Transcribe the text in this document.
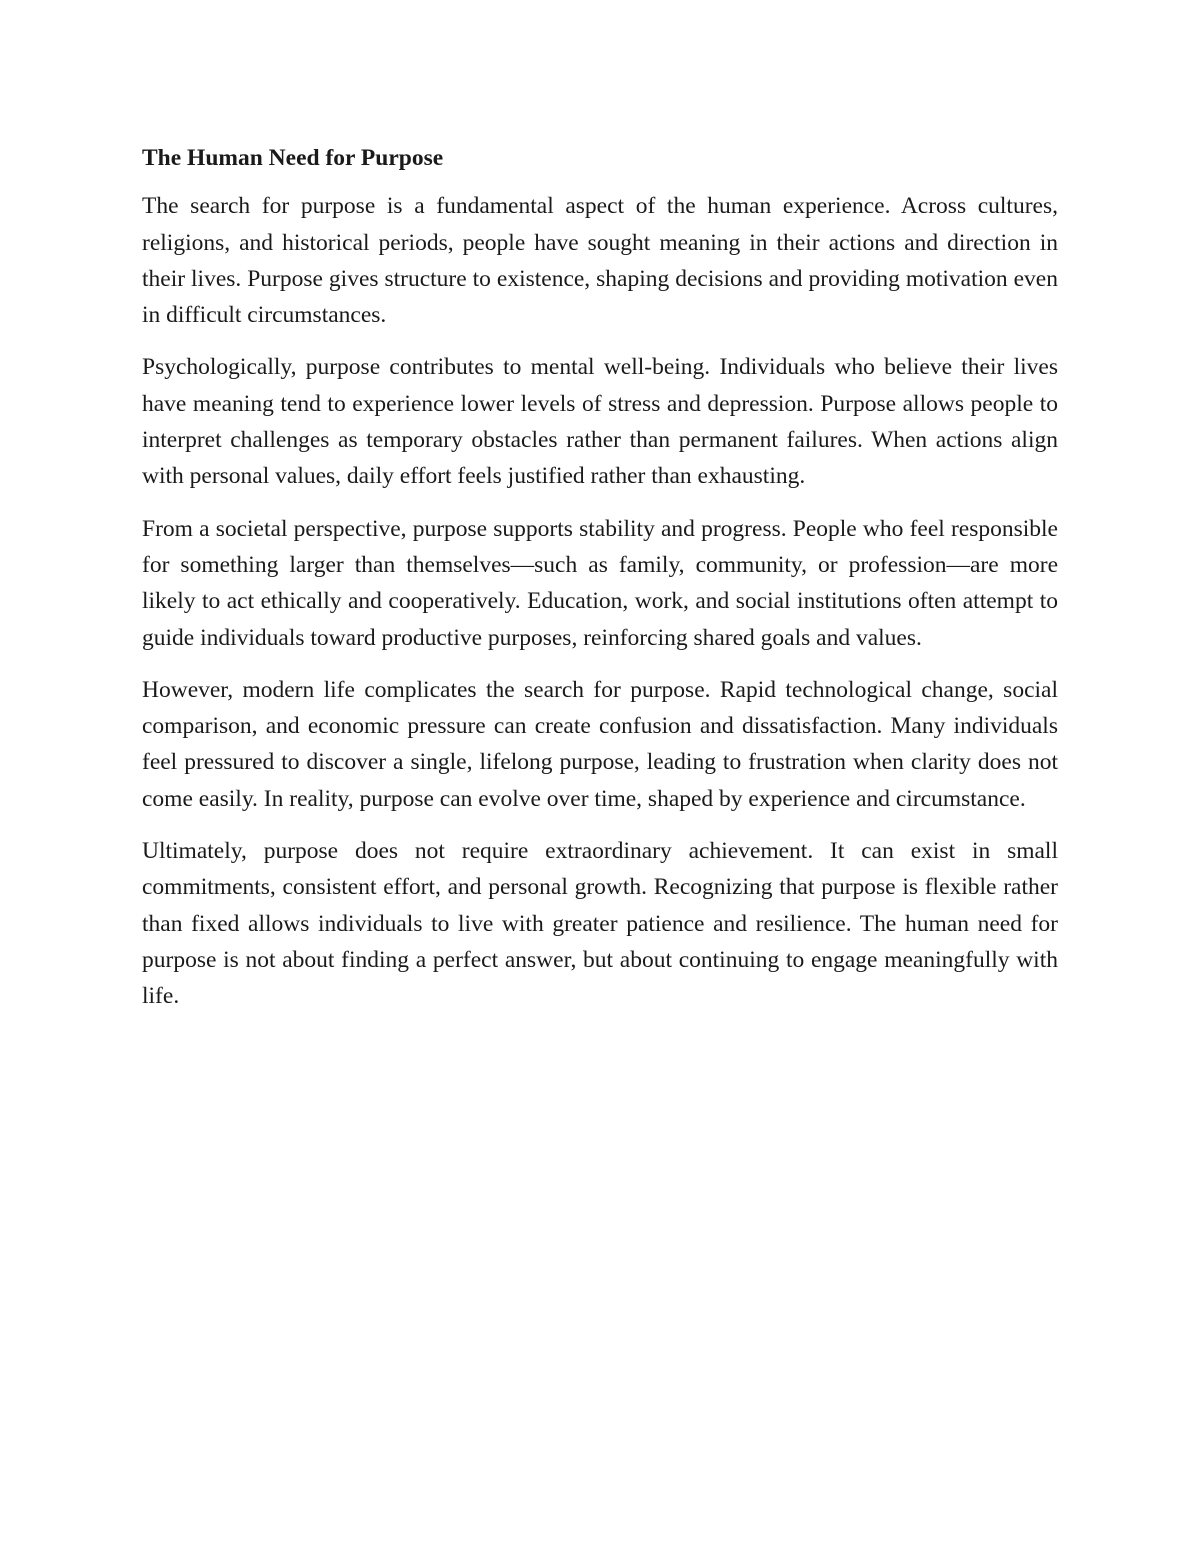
The Human Need for Purpose

The search for purpose is a fundamental aspect of the human experience. Across cultures, religions, and historical periods, people have sought meaning in their actions and direction in their lives. Purpose gives structure to existence, shaping decisions and providing motivation even in difficult circumstances.

Psychologically, purpose contributes to mental well-being. Individuals who believe their lives have meaning tend to experience lower levels of stress and depression. Purpose allows people to interpret challenges as temporary obstacles rather than permanent failures. When actions align with personal values, daily effort feels justified rather than exhausting.

From a societal perspective, purpose supports stability and progress. People who feel responsible for something larger than themselves—such as family, community, or profession—are more likely to act ethically and cooperatively. Education, work, and social institutions often attempt to guide individuals toward productive purposes, reinforcing shared goals and values.

However, modern life complicates the search for purpose. Rapid technological change, social comparison, and economic pressure can create confusion and dissatisfaction. Many individuals feel pressured to discover a single, lifelong purpose, leading to frustration when clarity does not come easily. In reality, purpose can evolve over time, shaped by experience and circumstance.

Ultimately, purpose does not require extraordinary achievement. It can exist in small commitments, consistent effort, and personal growth. Recognizing that purpose is flexible rather than fixed allows individuals to live with greater patience and resilience. The human need for purpose is not about finding a perfect answer, but about continuing to engage meaningfully with life.
